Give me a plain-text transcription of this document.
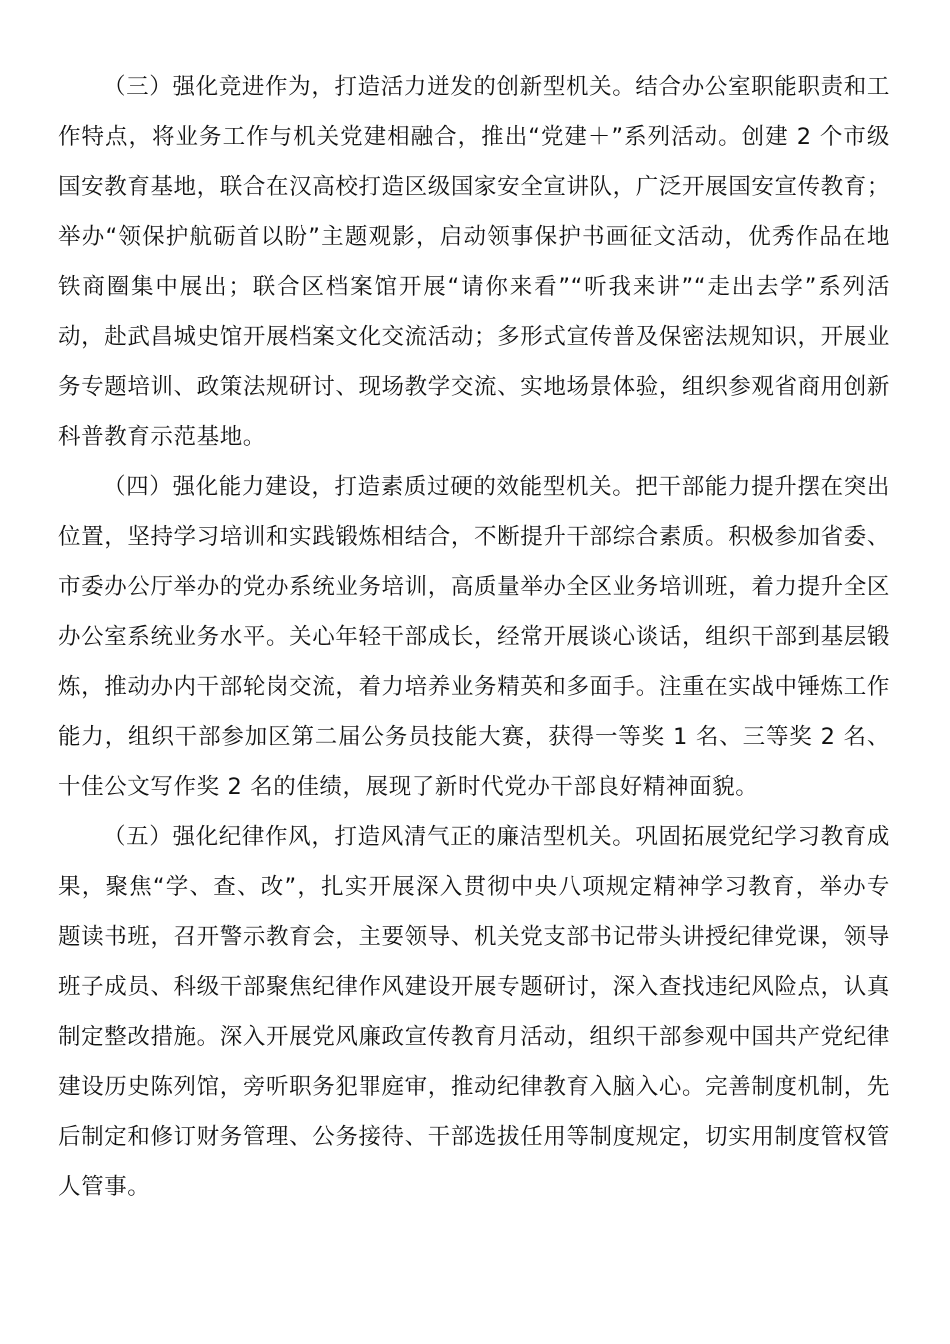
（三）强化竞进作为，打造活力迸发的创新型机关。结合办公室职能职责和工作特点，将业务工作与机关党建相融合，推出“党建＋”系列活动。创建 2 个市级国安教育基地，联合在汉高校打造区级国家安全宣讲队，广泛开展国安宣传教育；举办“领保护航砺首以盼”主题观影，启动领事保护书画征文活动，优秀作品在地铁商圈集中展出；联合区档案馆开展“请你来看”“听我来讲”“走出去学”系列活动，赴武昌城史馆开展档案文化交流活动；多形式宣传普及保密法规知识，开展业务专题培训、政策法规研讨、现场教学交流、实地场景体验，组织参观省商用创新科普教育示范基地。

（四）强化能力建设，打造素质过硬的效能型机关。把干部能力提升摆在突出位置，坚持学习培训和实践锻炼相结合，不断提升干部综合素质。积极参加省委、市委办公厅举办的党办系统业务培训，高质量举办全区业务培训班，着力提升全区办公室系统业务水平。关心年轻干部成长，经常开展谈心谈话，组织干部到基层锻炼，推动办内干部轮岗交流，着力培养业务精英和多面手。注重在实战中锤炼工作能力，组织干部参加区第二届公务员技能大赛，获得一等奖 1 名、三等奖 2 名、十佳公文写作奖 2 名的佳绩，展现了新时代党办干部良好精神面貌。

（五）强化纪律作风，打造风清气正的廉洁型机关。巩固拓展党纪学习教育成果，聚焦“学、查、改”，扎实开展深入贯彻中央八项规定精神学习教育，举办专题读书班，召开警示教育会，主要领导、机关党支部书记带头讲授纪律党课，领导班子成员、科级干部聚焦纪律作风建设开展专题研讨，深入查找违纪风险点，认真制定整改措施。深入开展党风廉政宣传教育月活动，组织干部参观中国共产党纪律建设历史陈列馆，旁听职务犯罪庭审，推动纪律教育入脑入心。完善制度机制，先后制定和修订财务管理、公务接待、干部选拔任用等制度规定，切实用制度管权管人管事。
